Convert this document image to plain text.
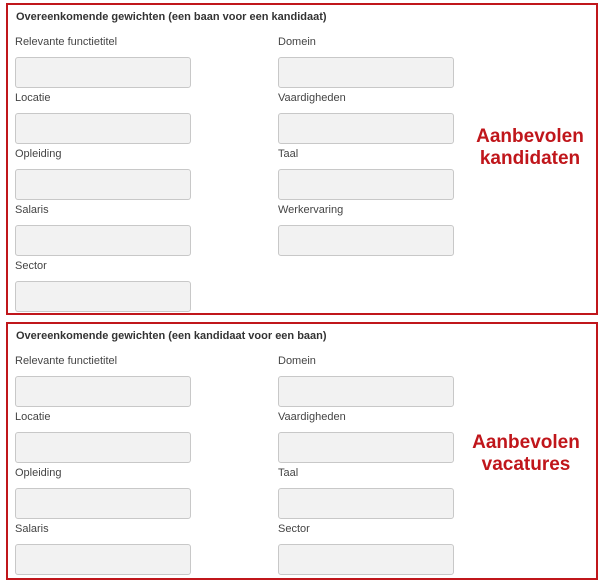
Overeenkomende gewichten (een baan voor een kandidaat)
Relevante functietitel	Domein
Locatie	Vaardigheden
Opleiding	Taal
Salaris	Werkervaring
Sector
Aanbevolen
kandidaten
Overeenkomende gewichten (een kandidaat voor een baan)
Relevante functietitel	Domein
Locatie	Vaardigheden
Opleiding	Taal
Salaris	Sector
Aanbevolen
vacatures
